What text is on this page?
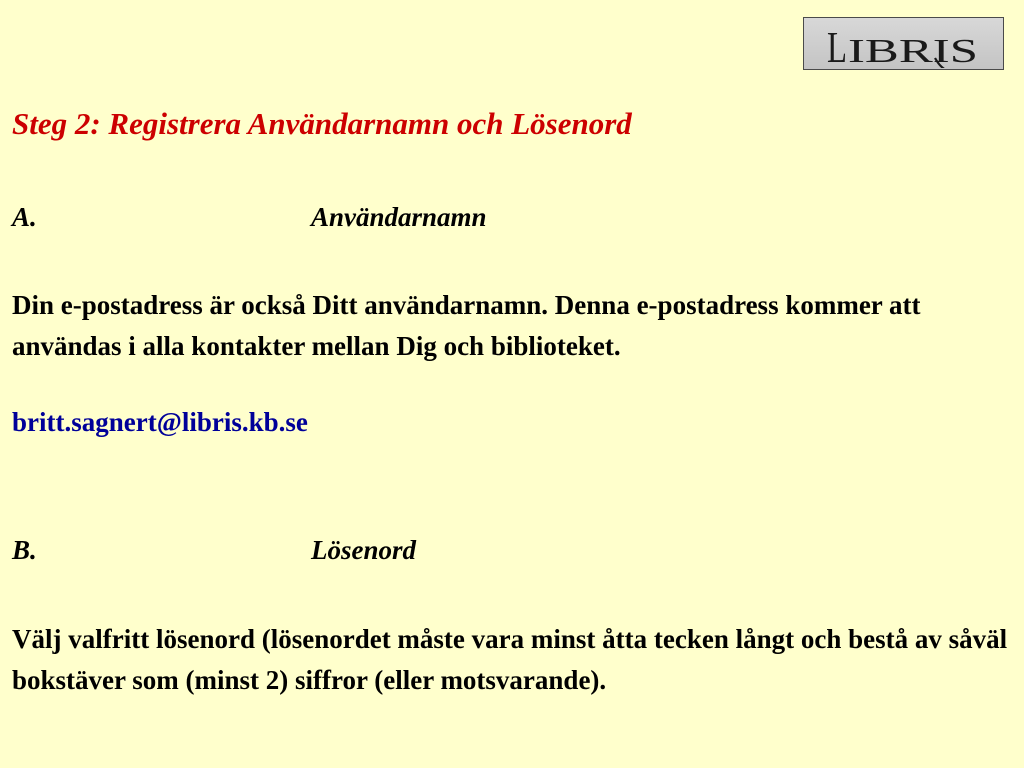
L IBRIS
Steg 2: Registrera Användarnamn och Lösenord
A.	Användarnamn

Din e-postadress är också Ditt användarnamn. Denna e-postadress kommer att användas i alla kontakter mellan Dig och biblioteket.

britt.sagnert@libris.kb.se
B.	Lösenord

Välj valfritt lösenord (lösenordet måste vara minst åtta tecken långt och bestå av såväl bokstäver som (minst 2) siffror (eller motsvarande).
